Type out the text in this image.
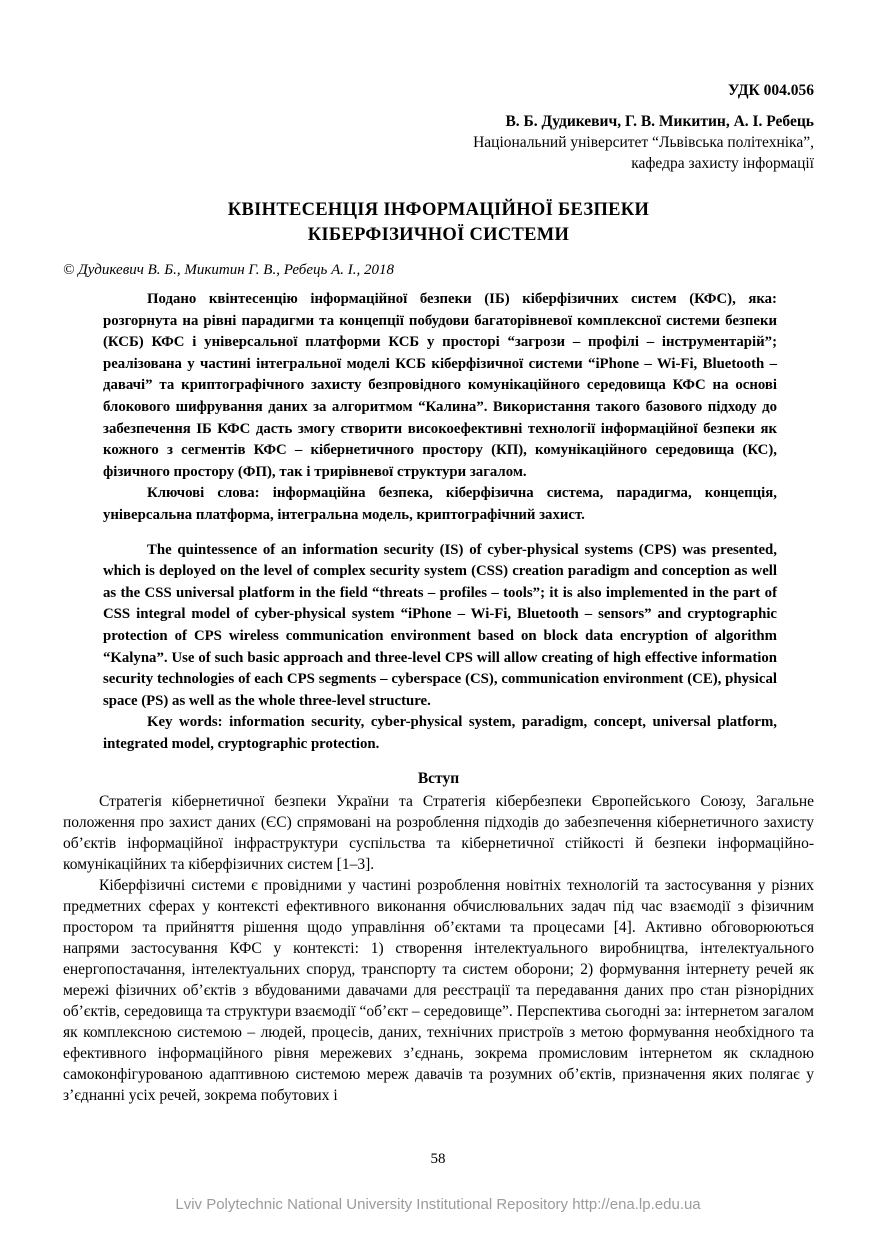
УДК 004.056
В. Б. Дудикевич, Г. В. Микитин, А. І. Ребець
Національний університет “Львівська політехніка”,
кафедра захисту інформації
КВІНТЕСЕНЦІЯ ІНФОРМАЦІЙНОЇ БЕЗПЕКИ
КІБЕРФІЗИЧНОЇ СИСТЕМИ
© Дудикевич В. Б., Микитин Г. В., Ребець А. І., 2018

Подано квінтесенцію інформаційної безпеки (ІБ) кіберфізичних систем (КФС), яка: розгорнута на рівні парадигми та концепції побудови багаторівневої комплексної системи безпеки (КСБ) КФС і універсальної платформи КСБ у просторі “загрози – профілі – інструментарій”; реалізована у частині інтегральної моделі КСБ кіберфізичної системи “iPhone – Wi-Fi, Bluetooth – давачі” та криптографічного захисту безпровідного комунікаційного середовища КФС на основі блокового шифрування даних за алгоритмом “Калина”. Використання такого базового підходу до забезпечення ІБ КФС дасть змогу створити високоефективні технології інформаційної безпеки як кожного з сегментів КФС – кібернетичного простору (КП), комунікаційного середовища (КС), фізичного простору (ФП), так і трирівневої структури загалом.

Ключові слова: інформаційна безпека, кіберфізична система, парадигма, концепція, універсальна платформа, інтегральна модель, криптографічний захист.

The quintessence of an information security (IS) of cyber-physical systems (CPS) was presented, which is deployed on the level of complex security system (CSS) creation paradigm and conception as well as the CSS universal platform in the field “threats – profiles – tools”; it is also implemented in the part of CSS integral model of cyber-physical system “iPhone – Wi-Fi, Bluetooth – sensors” and cryptographic protection of CPS wireless communication environment based on block data encryption of algorithm “Kalyna”. Use of such basic approach and three-level CPS will allow creating of high effective information security technologies of each CPS segments – cyberspace (CS), communication environment (CE), physical space (PS) as well as the whole three-level structure.

Key words: information security, cyber-physical system, paradigm, concept, universal platform, integrated model, cryptographic protection.

Вступ

Стратегія кібернетичної безпеки України та Стратегія кібербезпеки Європейського Союзу, Загальне положення про захист даних (ЄС) спрямовані на розроблення підходів до забезпечення кібернетичного захисту об’єктів інформаційної інфраструктури суспільства та кібернетичної стійкості й безпеки інформаційно-комунікаційних та кіберфізичних систем [1–3].

Кіберфізичні системи є провідними у частині розроблення новітніх технологій та застосування у різних предметних сферах у контексті ефективного виконання обчислювальних задач під час взаємодії з фізичним простором та прийняття рішення щодо управління об’єктами та процесами [4]. Активно обговорюються напрями застосування КФС у контексті: 1) створення інтелектуального виробництва, інтелектуального енергопостачання, інтелектуальних споруд, транспорту та систем оборони; 2) формування інтернету речей як мережі фізичних об’єктів з вбудованими давачами для реєстрації та передавання даних про стан різнорідних об’єктів, середовища та структури взаємодії “об’єкт – середовище”. Перспектива сьогодні за: інтернетом загалом як комплексною системою – людей, процесів, даних, технічних пристроїв з метою формування необхідного та ефективного інформаційного рівня мережевих з’єднань, зокрема промисловим інтернетом як складною самоконфігурованою адаптивною системою мереж давачів та розумних об’єктів, призначення яких полягає у з’єднанні усіх речей, зокрема побутових і

58
Lviv Polytechnic National University Institutional Repository http://ena.lp.edu.ua
